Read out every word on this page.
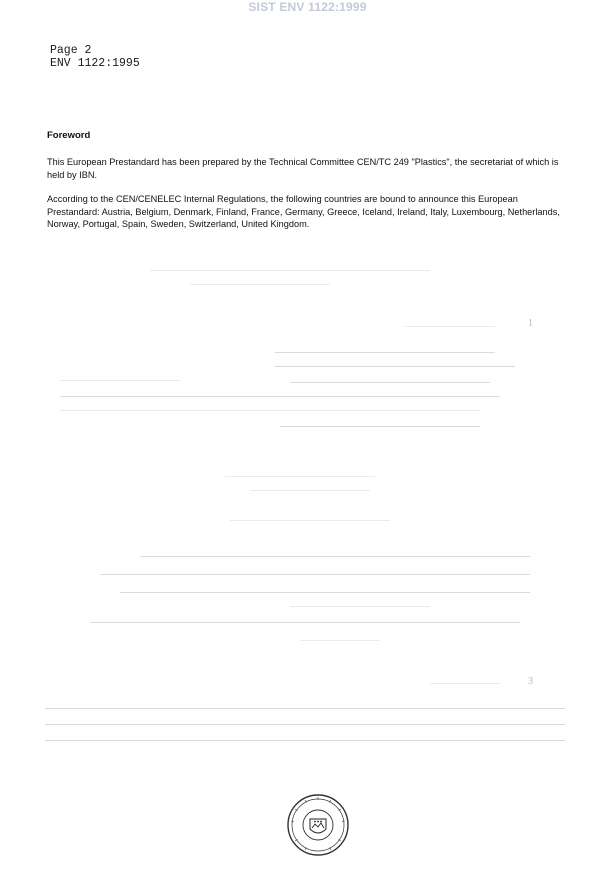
SIST ENV 1122:1999
Page 2
ENV 1122:1995
Foreword
This European Prestandard has been prepared by the Technical Committee CEN/TC 249 "Plastics", the secretariat of which is held by IBN.
According to the CEN/CENELEC Internal Regulations, the following countries are bound to announce this European Prestandard: Austria, Belgium, Denmark, Finland, France, Germany, Greece, Iceland, Ireland, Italy, Luxembourg, Netherlands, Norway, Portugal, Spain, Sweden, Switzerland, United Kingdom.
3
1
